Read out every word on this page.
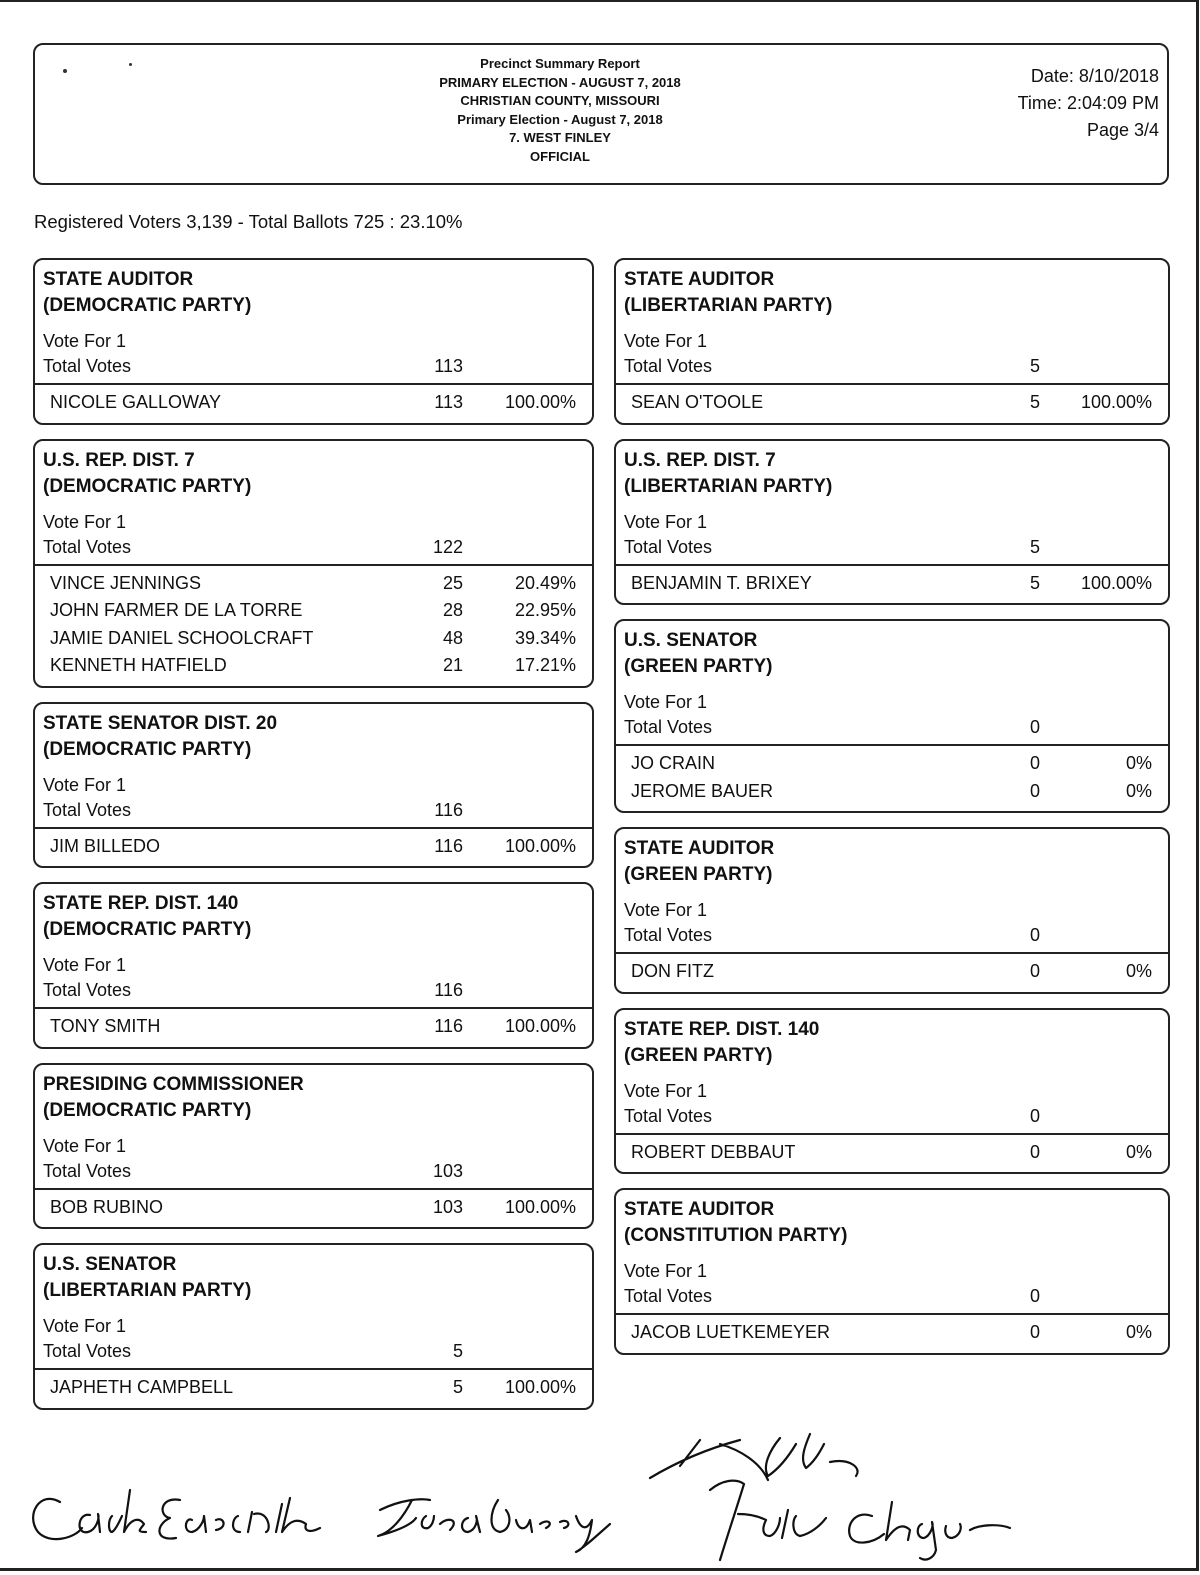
Precinct Summary Report
PRIMARY ELECTION - AUGUST 7, 2018
CHRISTIAN COUNTY, MISSOURI
Primary Election - August 7, 2018
7. WEST FINLEY
OFFICIAL
Date: 8/10/2018
Time: 2:04:09 PM
Page 3/4
Registered Voters 3,139 - Total Ballots 725 : 23.10%
STATE AUDITOR
(DEMOCRATIC PARTY)
Vote For 1
Total Votes	113
NICOLE GALLOWAY	113	100.00%
U.S. REP. DIST. 7
(DEMOCRATIC PARTY)
Vote For 1
Total Votes	122
VINCE JENNINGS	25	20.49%
JOHN FARMER DE LA TORRE	28	22.95%
JAMIE DANIEL SCHOOLCRAFT	48	39.34%
KENNETH HATFIELD	21	17.21%
STATE SENATOR DIST. 20
(DEMOCRATIC PARTY)
Vote For 1
Total Votes	116
JIM BILLEDO	116	100.00%
STATE REP. DIST. 140
(DEMOCRATIC PARTY)
Vote For 1
Total Votes	116
TONY SMITH	116	100.00%
PRESIDING COMMISSIONER
(DEMOCRATIC PARTY)
Vote For 1
Total Votes	103
BOB RUBINO	103	100.00%
U.S. SENATOR
(LIBERTARIAN PARTY)
Vote For 1
Total Votes	5
JAPHETH CAMPBELL	5	100.00%
STATE AUDITOR
(LIBERTARIAN PARTY)
Vote For 1
Total Votes	5
SEAN O'TOOLE	5	100.00%
U.S. REP. DIST. 7
(LIBERTARIAN PARTY)
Vote For 1
Total Votes	5
BENJAMIN T. BRIXEY	5	100.00%
U.S. SENATOR
(GREEN PARTY)
Vote For 1
Total Votes	0
JO CRAIN	0	0%
JEROME BAUER	0	0%
STATE AUDITOR
(GREEN PARTY)
Vote For 1
Total Votes	0
DON FITZ	0	0%
STATE REP. DIST. 140
(GREEN PARTY)
Vote For 1
Total Votes	0
ROBERT DEBBAUT	0	0%
STATE AUDITOR
(CONSTITUTION PARTY)
Vote For 1
Total Votes	0
JACOB LUETKEMEYER	0	0%
